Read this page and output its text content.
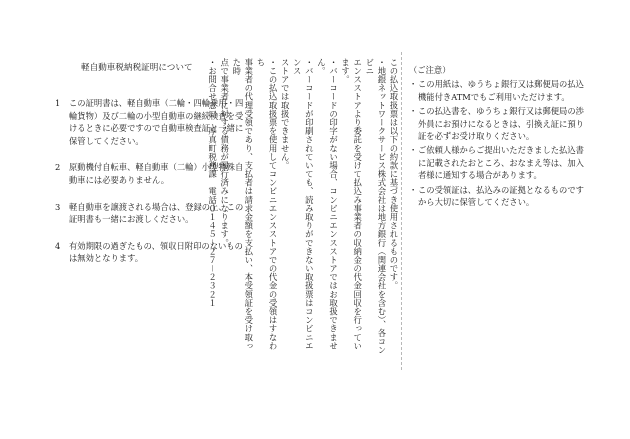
軽自動車税納税証明について
1	この証明書は、軽自動車（二輪・四輪乗用・四輪貨物）及び二輪の小型自動車の継続検査を受けるときに必要ですので自動車検査証と一緒に保管してください。
2	原動機付自転車、軽自動車（二輪）小型特殊自動車には必要ありません。
3	軽自動車を譲渡される場合は、登録の上、この証明書も一緒にお渡しください。
4	有効期限の過ぎたもの、領収日附印のないものは無効となります。	この払込取扱票は以下の約款に基づき使用されるものです。

・地銀ネットワークサービス株式会社は地方銀行（関連会社を含む）、各コンビニ

エンスストアより委託を受けて払込み事業者の収納金の代金回収を行っています。

・バーコードの印字がない場合、コンビニエンスストアではお取扱できません。

・バーコードが印刷されていても、読み取りができない取扱票はコンビニエンス

ストアでは取扱できません。

・この払込取扱票を使用してコンビニエンスストアでの代金の受領はすなわち

事業者の代理受領であり、支払者は請求金額を支払い、本受領証を受け取った時

点で事業者に対する債務が履行済みになります。

・お問合せ窓口　厚真町税務課　電話０１４５－２７－２３２１	（ご注意）
・ この用紙は、ゆうちょ銀行又は郵便局の払込機能付きATMでもご利用いただけます。
・ この払込書を、ゆうちょ銀行又は郵便局の渉外員にお預けになるときは、引換え証に預り証を必ずお受け取りください。
・ ご依頼人様からご提出いただきました払込書に記載されたおところ、おなまえ等は、加入者様に通知する場合があります。
・ この受領証は、払込みの証拠となるものですから大切に保管してください。
